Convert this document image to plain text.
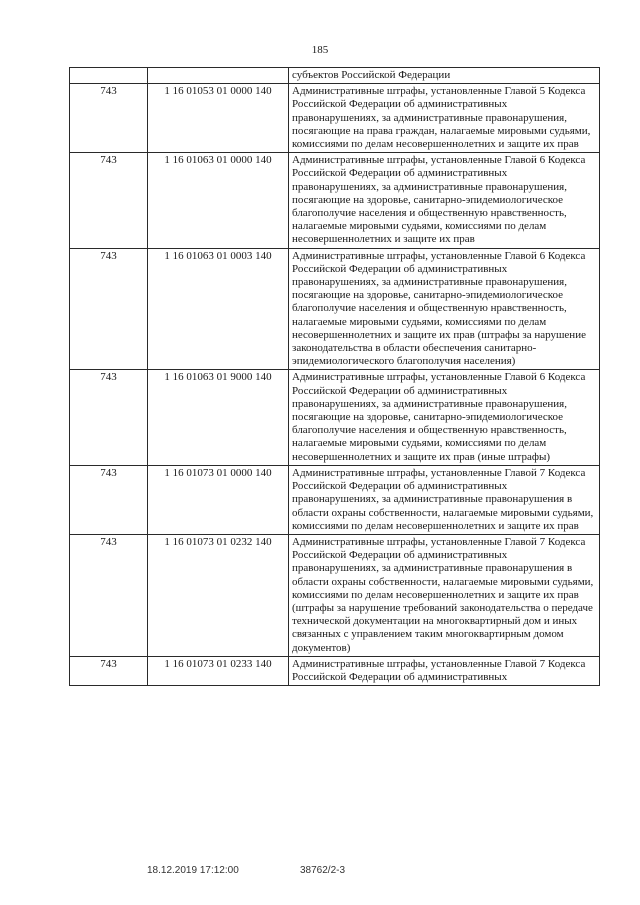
185
		субъектов Российской Федерации
743	1 16 01053 01 0000 140	Административные штрафы, установленные Главой 5 Кодекса Российской Федерации об административных правонарушениях, за административные правонарушения, посягающие на права граждан, налагаемые мировыми судьями, комиссиями по делам несовершеннолетних и защите их прав
743	1 16 01063 01 0000 140	Административные штрафы, установленные Главой 6 Кодекса Российской Федерации об административных правонарушениях, за административные правонарушения, посягающие на здоровье, санитарно-эпидемиологическое благополучие населения и общественную нравственность, налагаемые мировыми судьями, комиссиями по делам несовершеннолетних и защите их прав
743	1 16 01063 01 0003 140	Административные штрафы, установленные Главой 6 Кодекса Российской Федерации об административных правонарушениях, за административные правонарушения, посягающие на здоровье, санитарно-эпидемиологическое благополучие населения и общественную нравственность, налагаемые мировыми судьями, комиссиями по делам несовершеннолетних и защите их прав (штрафы за нарушение законодательства в области обеспечения санитарно-эпидемиологического благополучия населения)
743	1 16 01063 01 9000 140	Административные штрафы, установленные Главой 6 Кодекса Российской Федерации об административных правонарушениях, за административные правонарушения, посягающие на здоровье, санитарно-эпидемиологическое благополучие населения и общественную нравственность, налагаемые мировыми судьями, комиссиями по делам несовершеннолетних и защите их прав (иные штрафы)
743	1 16 01073 01 0000 140	Административные штрафы, установленные Главой 7 Кодекса Российской Федерации об административных правонарушениях, за административные правонарушения в области охраны собственности, налагаемые мировыми судьями, комиссиями по делам несовершеннолетних и защите их прав
743	1 16 01073 01 0232 140	Административные штрафы, установленные Главой 7 Кодекса Российской Федерации об административных правонарушениях, за административные правонарушения в области охраны собственности, налагаемые мировыми судьями, комиссиями по делам несовершеннолетних и защите их прав (штрафы за нарушение требований законодательства о передаче технической документации на многоквартирный дом и иных связанных с управлением таким многоквартирным домом документов)
743	1 16 01073 01 0233 140	Административные штрафы, установленные Главой 7 Кодекса Российской Федерации об административных
18.12.2019 17:12:00	38762/2-3
